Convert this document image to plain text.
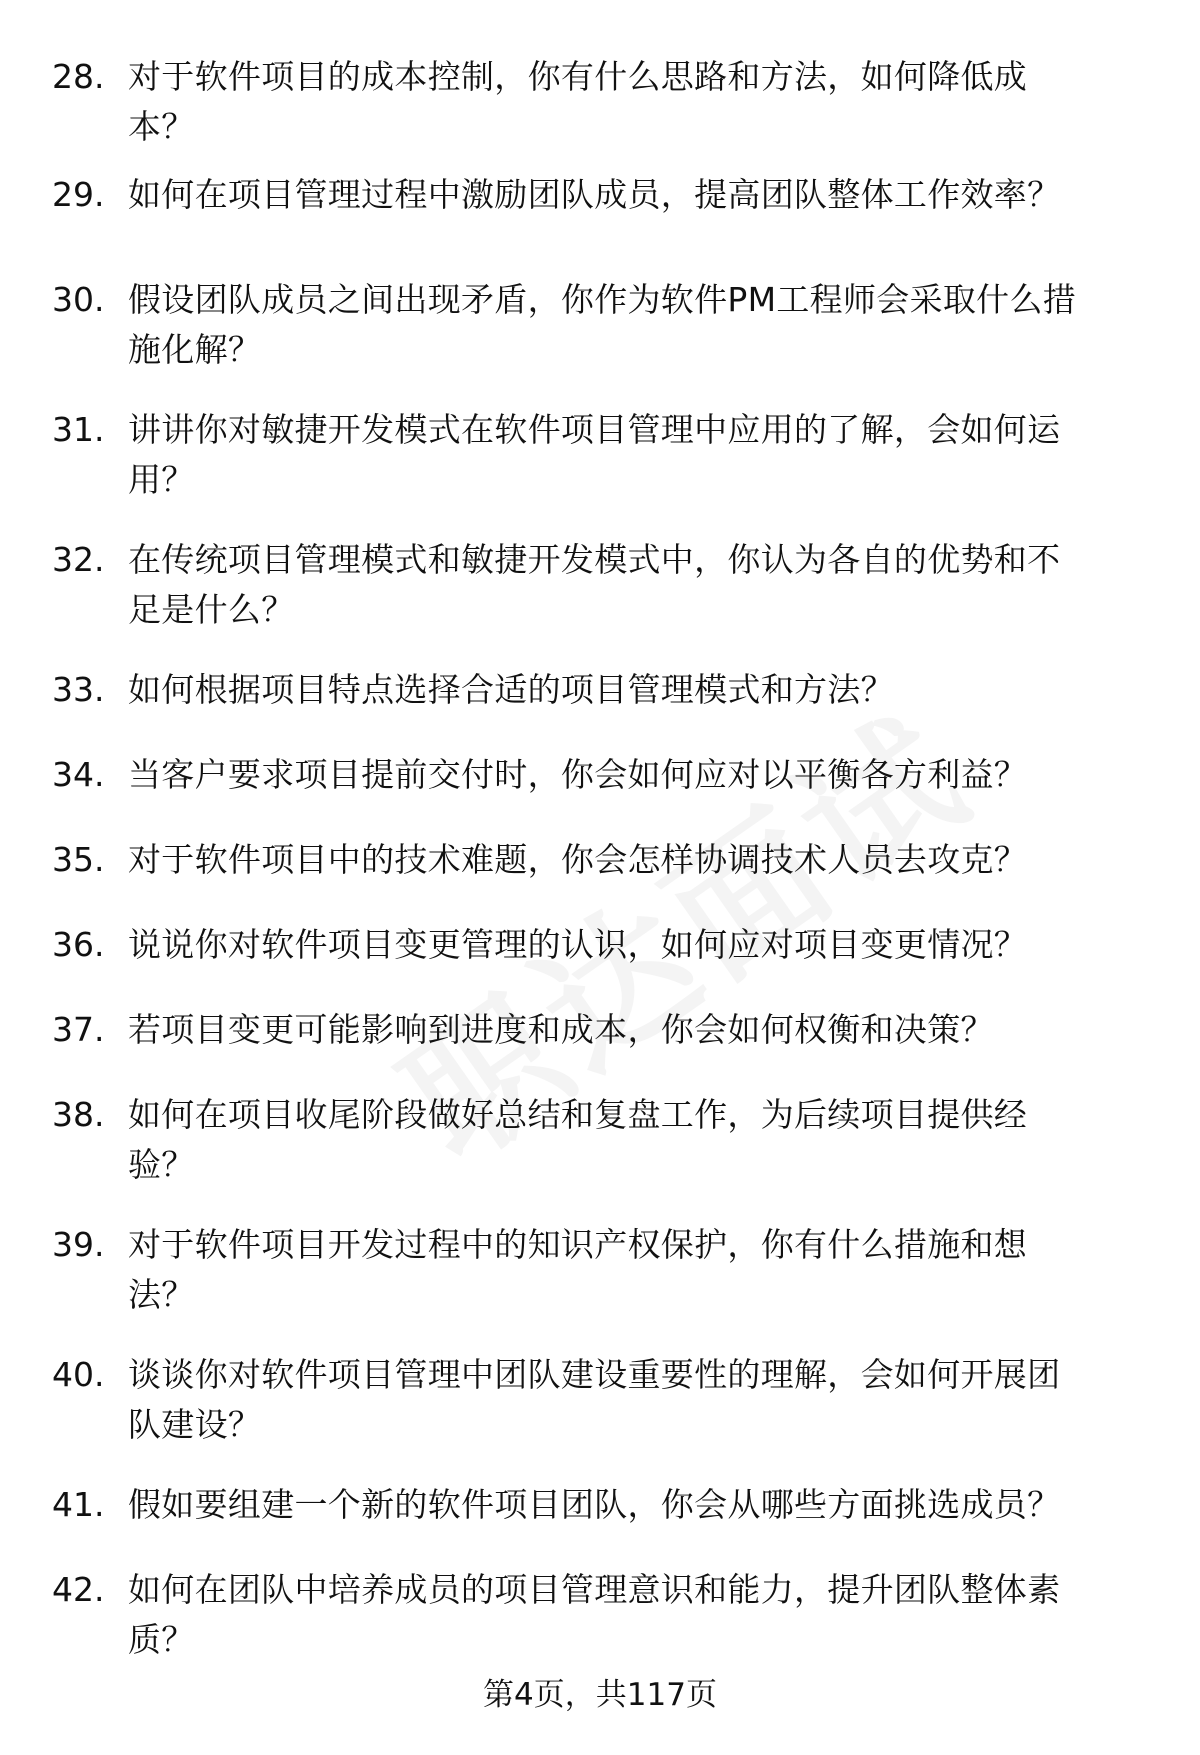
28. 对于软件项目的成本控制，你有什么思路和方法，如何降低成
本？
29. 如何在项目管理过程中激励团队成员，提高团队整体工作效率？
30. 假设团队成员之间出现矛盾，你作为软件PM工程师会采取什么措
施化解？
31. 讲讲你对敏捷开发模式在软件项目管理中应用的了解，会如何运
用？
32. 在传统项目管理模式和敏捷开发模式中，你认为各自的优势和不
足是什么？
33. 如何根据项目特点选择合适的项目管理模式和方法？
34. 当客户要求项目提前交付时，你会如何应对以平衡各方利益？
35. 对于软件项目中的技术难题，你会怎样协调技术人员去攻克？
36. 说说你对软件项目变更管理的认识，如何应对项目变更情况？
37. 若项目变更可能影响到进度和成本，你会如何权衡和决策？
38. 如何在项目收尾阶段做好总结和复盘工作，为后续项目提供经
验？
39. 对于软件项目开发过程中的知识产权保护，你有什么措施和想
法？
40. 谈谈你对软件项目管理中团队建设重要性的理解，会如何开展团
队建设？
41. 假如要组建一个新的软件项目团队，你会从哪些方面挑选成员？
42. 如何在团队中培养成员的项目管理意识和能力，提升团队整体素
质？
第4页，共117页
